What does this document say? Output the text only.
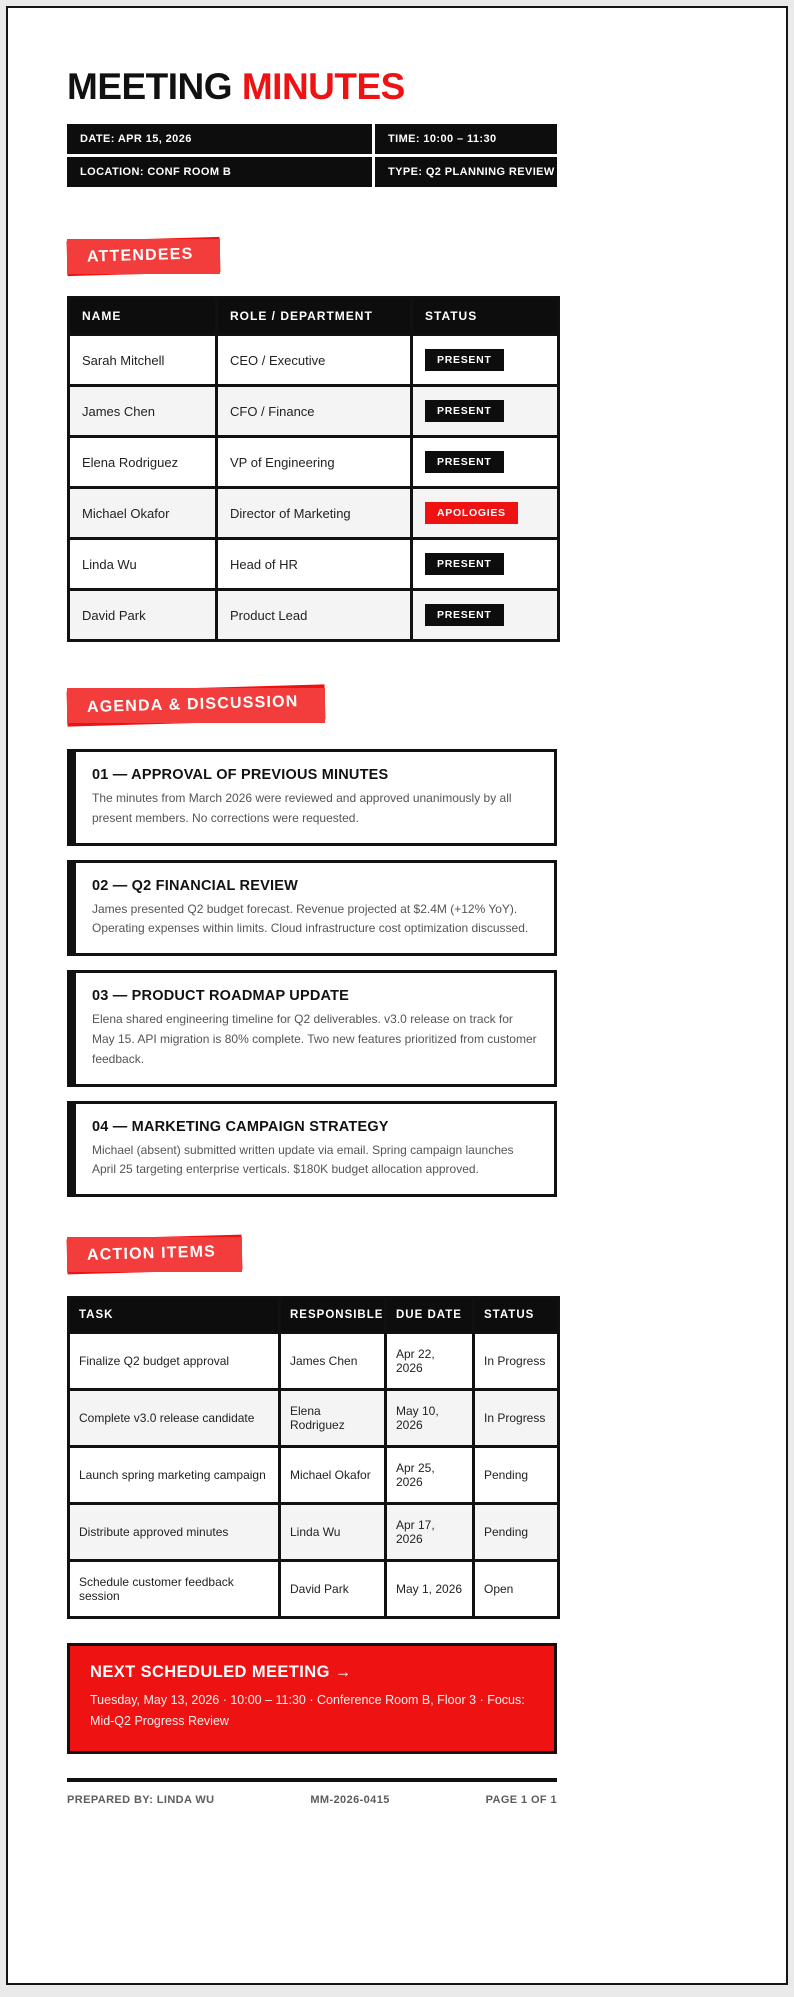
MEETING MINUTES
DATE: APR 15, 2026	TIME: 10:00 – 11:30
LOCATION: CONF ROOM B	TYPE: Q2 PLANNING REVIEW
ATTENDEES
NAME	ROLE / DEPARTMENT	STATUS
Sarah Mitchell	CEO / Executive	PRESENT
James Chen	CFO / Finance	PRESENT
Elena Rodriguez	VP of Engineering	PRESENT
Michael Okafor	Director of Marketing	APOLOGIES
Linda Wu	Head of HR	PRESENT
David Park	Product Lead	PRESENT
AGENDA & DISCUSSION
01 — APPROVAL OF PREVIOUS MINUTES
The minutes from March 2026 were reviewed and approved unanimously by all present members. No corrections were requested.
02 — Q2 FINANCIAL REVIEW
James presented Q2 budget forecast. Revenue projected at $2.4M (+12% YoY). Operating expenses within limits. Cloud infrastructure cost optimization discussed.
03 — PRODUCT ROADMAP UPDATE
Elena shared engineering timeline for Q2 deliverables. v3.0 release on track for May 15. API migration is 80% complete. Two new features prioritized from customer feedback.
04 — MARKETING CAMPAIGN STRATEGY
Michael (absent) submitted written update via email. Spring campaign launches April 25 targeting enterprise verticals. $180K budget allocation approved.
ACTION ITEMS
TASK	RESPONSIBLE	DUE DATE	STATUS
Finalize Q2 budget approval	James Chen	Apr 22, 2026	In Progress
Complete v3.0 release candidate	Elena Rodriguez	May 10, 2026	In Progress
Launch spring marketing campaign	Michael Okafor	Apr 25, 2026	Pending
Distribute approved minutes	Linda Wu	Apr 17, 2026	Pending
Schedule customer feedback session	David Park	May 1, 2026	Open
NEXT SCHEDULED MEETING →
Tuesday, May 13, 2026 · 10:00 – 11:30 · Conference Room B, Floor 3 · Focus: Mid-Q2 Progress Review
PREPARED BY: LINDA WU	MM-2026-0415	PAGE 1 OF 1
